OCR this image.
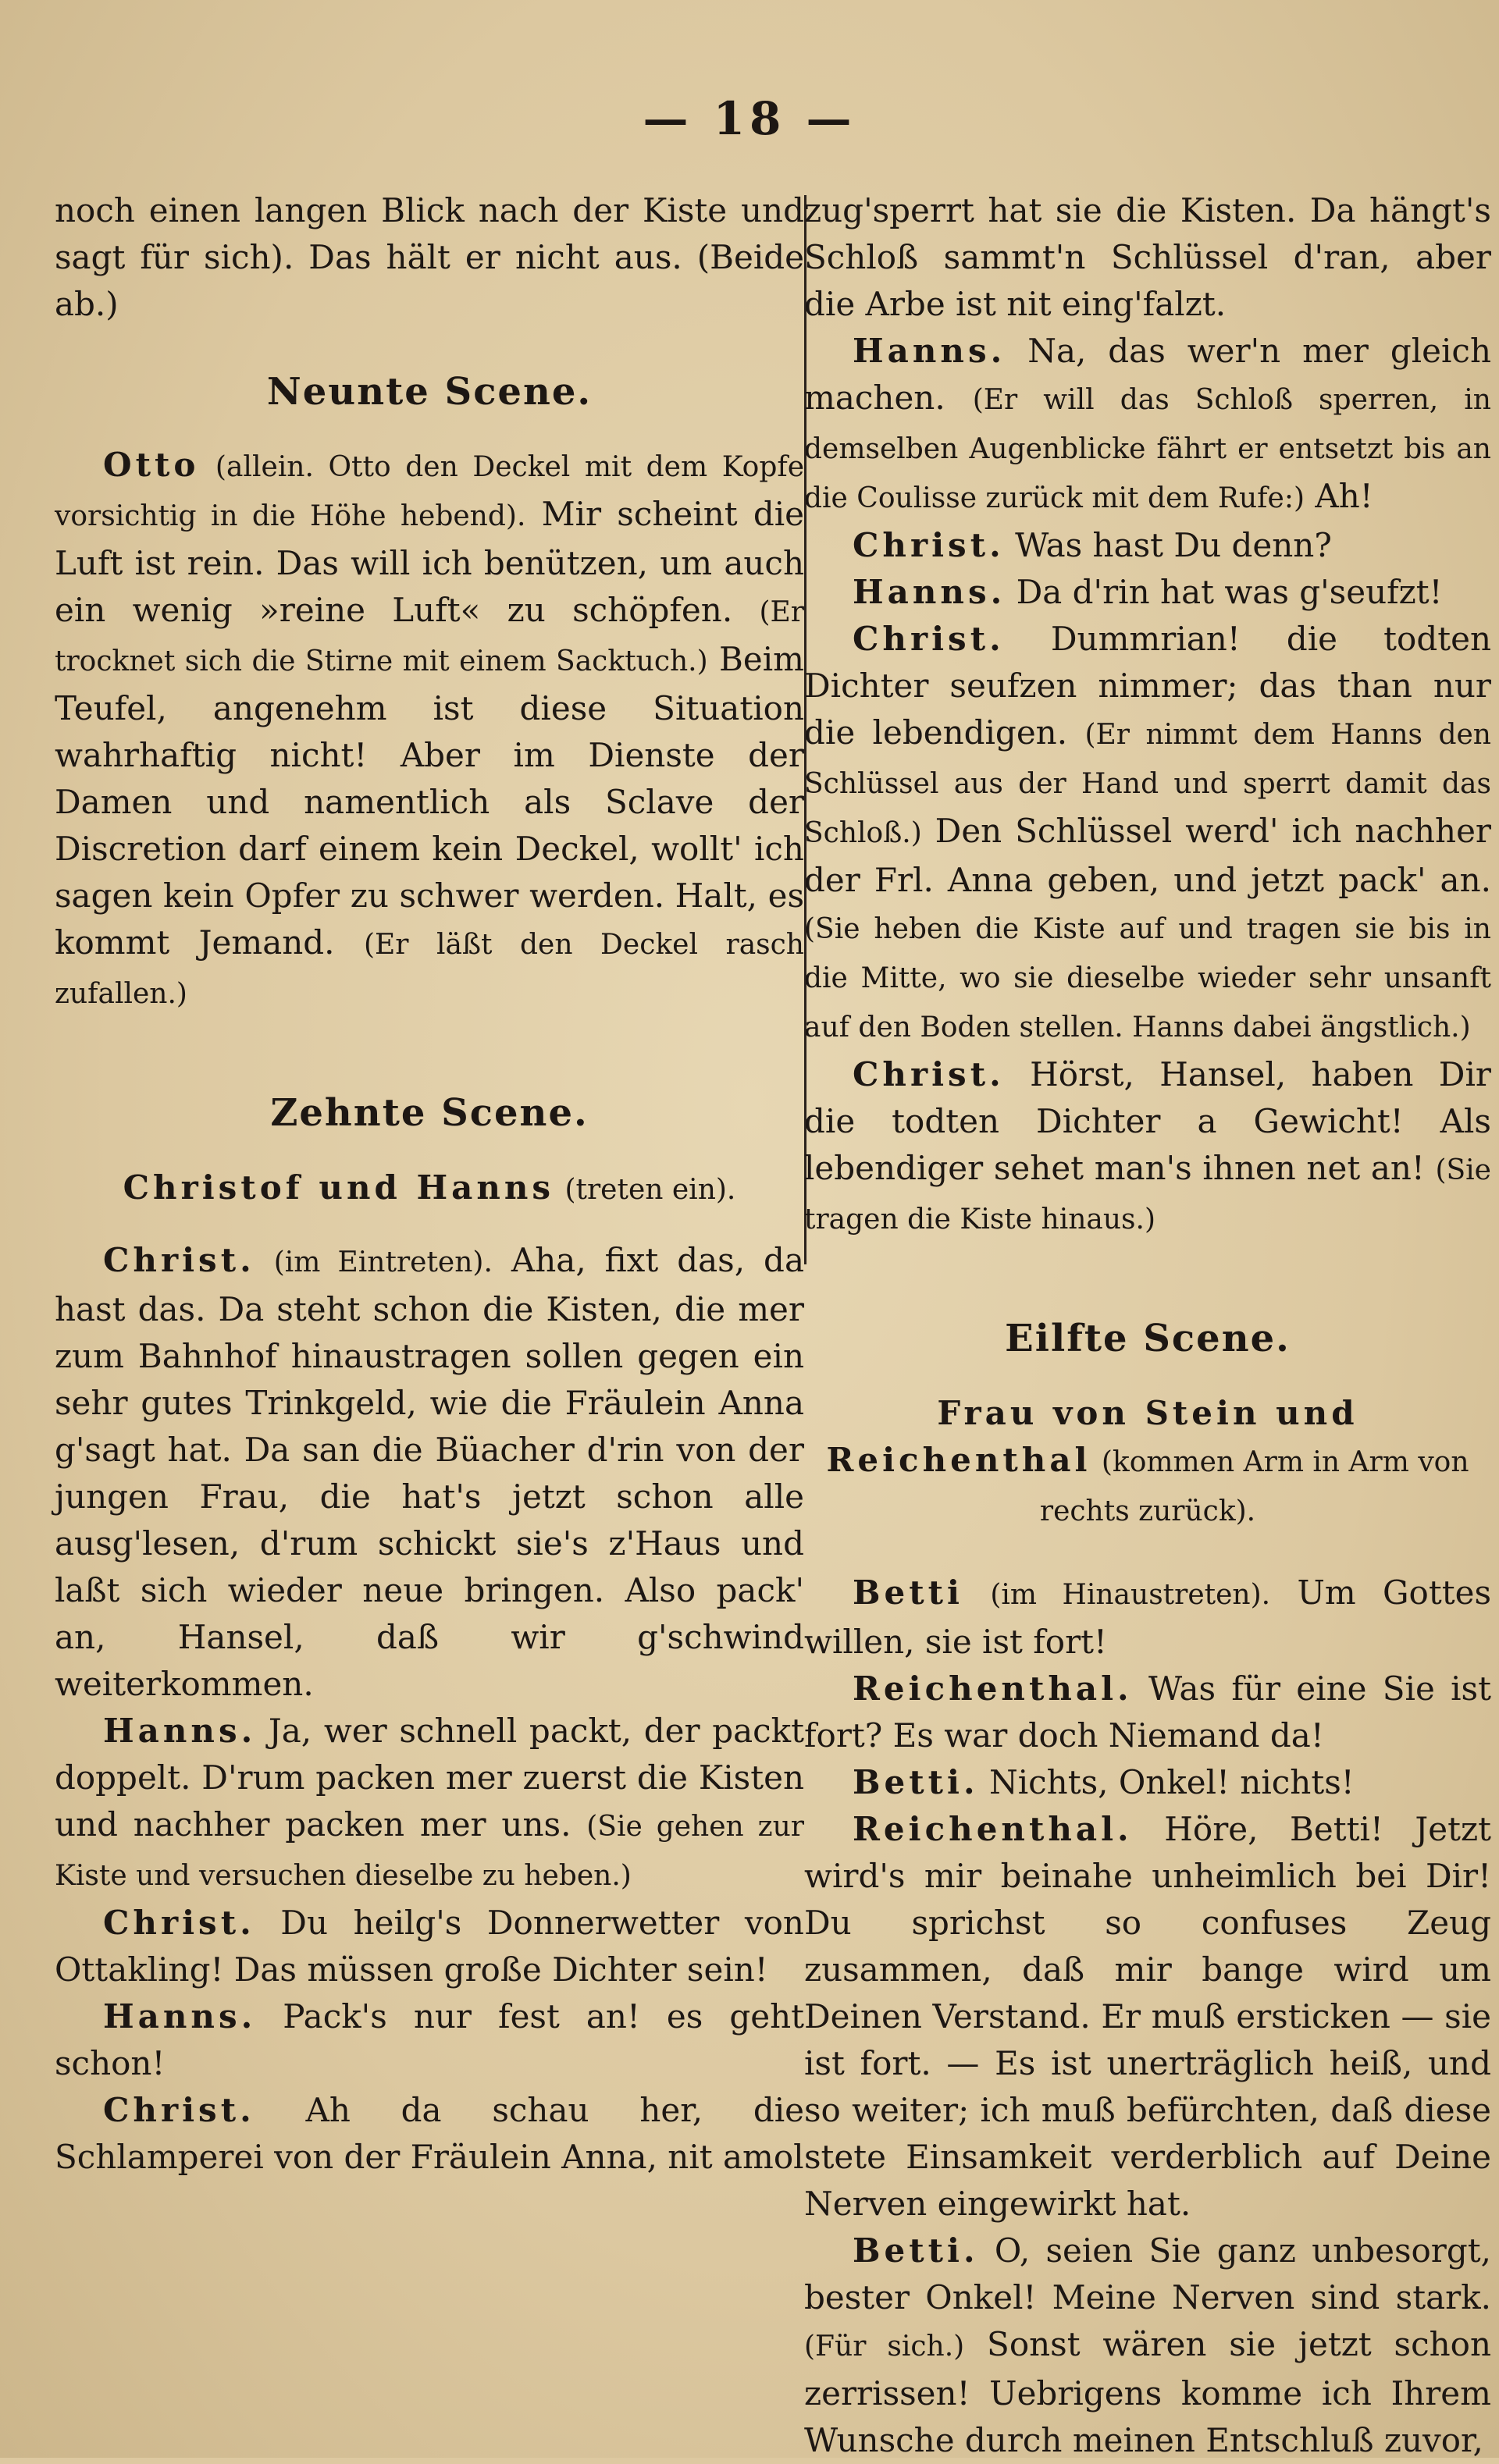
— 18 —

noch einen langen Blick nach der Kiste und sagt für sich). Das hält er nicht aus. (Beide ab.)

Neunte Scene.

Otto (allein. Otto den Deckel mit dem Kopfe vorsichtig in die Höhe hebend). Mir scheint die Luft ist rein. Das will ich benützen, um auch ein wenig »reine Luft« zu schöpfen. (Er trocknet sich die Stirne mit einem Sacktuch.) Beim Teufel, angenehm ist diese Situation wahrhaftig nicht! Aber im Dienste der Damen und namentlich als Sclave der Discretion darf einem kein Deckel, wollt' ich sagen kein Opfer zu schwer werden. Halt, es kommt Jemand. (Er läßt den Deckel rasch zufallen.)

Zehnte Scene.

Christof und Hanns (treten ein).

Christ. (im Eintreten). Aha, fixt das, da hast das. Da steht schon die Kisten, die mer zum Bahnhof hinaustragen sollen gegen ein sehr gutes Trinkgeld, wie die Fräulein Anna g'sagt hat. Da san die Büacher d'rin von der jungen Frau, die hat's jetzt schon alle ausg'lesen, d'rum schickt sie's z'Haus und laßt sich wieder neue bringen. Also pack' an, Hansel, daß wir g'schwind weiterkommen.

Hanns. Ja, wer schnell packt, der packt doppelt. D'rum packen mer zuerst die Kisten und nachher packen mer uns. (Sie gehen zur Kiste und versuchen dieselbe zu heben.)

Christ. Du heilg's Donnerwetter von Ottakling! Das müssen große Dichter sein!

Hanns. Pack's nur fest an! es geht schon!

Christ. Ah da schau her, die Schlamperei von der Fräulein Anna, nit amol

zug'sperrt hat sie die Kisten. Da hängt's Schloß sammt'n Schlüssel d'ran, aber die Arbe ist nit eing'falzt.

Hanns. Na, das wer'n mer gleich machen. (Er will das Schloß sperren, in demselben Augenblicke fährt er entsetzt bis an die Coulisse zurück mit dem Rufe:) Ah!

Christ. Was hast Du denn?

Hanns. Da d'rin hat was g'seufzt!

Christ. Dummrian! die todten Dichter seufzen nimmer; das than nur die lebendigen. (Er nimmt dem Hanns den Schlüssel aus der Hand und sperrt damit das Schloß.) Den Schlüssel werd' ich nachher der Frl. Anna geben, und jetzt pack' an. (Sie heben die Kiste auf und tragen sie bis in die Mitte, wo sie dieselbe wieder sehr unsanft auf den Boden stellen. Hanns dabei ängstlich.)

Christ. Hörst, Hansel, haben Dir die todten Dichter a Gewicht! Als lebendiger sehet man's ihnen net an! (Sie tragen die Kiste hinaus.)

Eilfte Scene.

Frau von Stein und Reichenthal (kommen Arm in Arm von rechts zurück).

Betti (im Hinaustreten). Um Gottes willen, sie ist fort!

Reichenthal. Was für eine Sie ist fort? Es war doch Niemand da!

Betti. Nichts, Onkel! nichts!

Reichenthal. Höre, Betti! Jetzt wird's mir beinahe unheimlich bei Dir! Du sprichst so confuses Zeug zusammen, daß mir bange wird um Deinen Verstand. Er muß ersticken — sie ist fort. — Es ist unerträglich heiß, und so weiter; ich muß befürchten, daß diese stete Einsamkeit verderblich auf Deine Nerven eingewirkt hat.

Betti. O, seien Sie ganz unbesorgt, bester Onkel! Meine Nerven sind stark. (Für sich.) Sonst wären sie jetzt schon zerrissen! Uebrigens komme ich Ihrem Wunsche durch meinen Entschluß zuvor,
